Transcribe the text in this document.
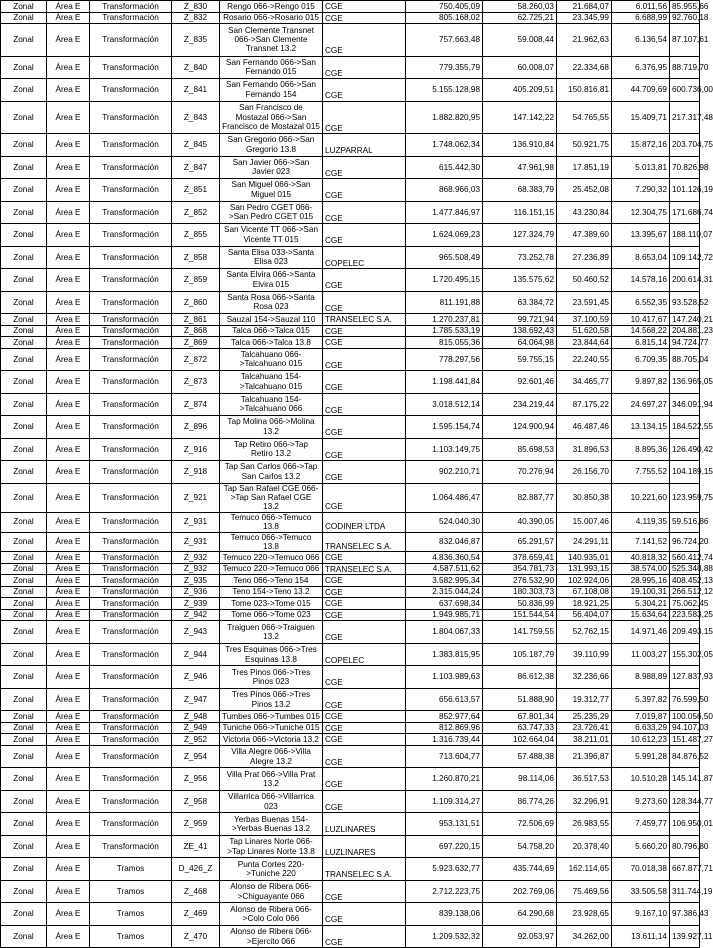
Zonal	Área E	Transformación	Z_830	Rengo 066->Rengo 015	CGE	750.405,09	58.260,03	21.684,07	6.011,56	85.955,66
Zonal	Área E	Transformación	Z_832	Rosario 066->Rosario 015	CGE	805.168,02	62.725,21	23.345,99	6.688,99	92.760,18
Zonal	Área E	Transformación	Z_835	San Clemente Transnet 066->San Clemente Transnet 13.2	CGE	757.663,48	59.008,44	21.962,63	6.136,54	87.107,61
Zonal	Área E	Transformación	Z_840	San Fernando 066->San Fernando 015	CGE	779.355,79	60.008,07	22.334,68	6.376,95	88.719,70
Zonal	Área E	Transformación	Z_841	San Fernando 066->San Fernando 154	CGE	5.155.128,98	405.209,51	150.816,81	44.709,69	600.736,00
Zonal	Área E	Transformación	Z_843	San Francisco de Mostazal 066->San Francisco de Mostazal 015	CGE	1.882.820,95	147.142,22	54.765,55	15.409,71	217.317,48
Zonal	Área E	Transformación	Z_845	San Gregorio 066->San Gregorio 13.8	LUZPARRAL	1.748.062,34	136.910,84	50.921,75	15.872,16	203.704,75
Zonal	Área E	Transformación	Z_847	San Javier 066->San Javier 023	CGE	615.442,30	47.961,98	17.851,19	5.013,81	70.826,98
Zonal	Área E	Transformación	Z_851	San Miguel 066->San Miguel 015	CGE	868.966,03	68.383,79	25.452,08	7.290,32	101.126,19
Zonal	Área E	Transformación	Z_852	San Pedro CGET 066->San Pedro CGET 015	CGE	1.477.846,97	116.151,15	43.230,84	12.304,75	171.686,74
Zonal	Área E	Transformación	Z_855	San Vicente TT 066->San Vicente TT 015	CGE	1.624.069,23	127.324,79	47.389,60	13.395,67	188.110,07
Zonal	Área E	Transformación	Z_858	Santa Elisa 033->Santa Elisa 023	COPELEC	965.508,49	73.252,78	27.236,89	8.653,04	109.142,72
Zonal	Área E	Transformación	Z_859	Santa Elvira 066->Santa Elvira 015	CGE	1.720.495,15	135.575,62	50.460,52	14.578,16	200.614,31
Zonal	Área E	Transformación	Z_860	Santa Rosa 066->Santa Rosa 023	CGE	811.191,88	63.384,72	23.591,45	6.552,35	93.528,52
Zonal	Área E	Transformación	Z_861	Sauzal 154->Sauzal 110	TRANSELEC S.A.	1.270.237,81	99.721,94	37.100,59	10.417,67	147.240,21
Zonal	Área E	Transformación	Z_868	Talca 066->Talca 015	CGE	1.785.533,19	138.692,43	51.620,58	14.568,22	204.881,23
Zonal	Área E	Transformación	Z_869	Talca 066->Talca 13.8	CGE	815.055,36	64.064,98	23.844,64	6.815,14	94.724,77
Zonal	Área E	Transformación	Z_872	Talcahuano 066->Talcahuano 015	CGE	778.297,56	59.755,15	22.240,55	6.709,35	88.705,04
Zonal	Área E	Transformación	Z_873	Talcahuano 154->Talcahuano 015	CGE	1.198.441,84	92.601,46	34.465,77	9.897,82	136.965,05
Zonal	Área E	Transformación	Z_874	Talcahuano 154->Talcahuano 066	CGE	3.018.512,14	234.219,44	87.175,22	24.697,27	346.091,94
Zonal	Área E	Transformación	Z_896	Tap Molina 066->Molina 13.2	CGE	1.595.154,74	124.900,94	46.487,46	13.134,15	184.522,55
Zonal	Área E	Transformación	Z_916	Tap Retiro 066->Tap Retiro 13.2	CGE	1.103.149,75	85.698,53	31.896,53	8.895,36	126.490,42
Zonal	Área E	Transformación	Z_918	Tap San Carlos 066->Tap San Carlos 13.2	CGE	902.210,71	70.276,94	26.156,70	7.755,52	104.189,15
Zonal	Área E	Transformación	Z_921	Tap San Rafael CGE 066->Tap San Rafael CGE 13.2	CGE	1.064.486,47	82.887,77	30.850,38	10.221,60	123.959,75
Zonal	Área E	Transformación	Z_931	Temuco 066->Temuco 13.8	CODINER LTDA	524.040,30	40.390,05	15.007,46	4.119,35	59.516,86
Zonal	Área E	Transformación	Z_931	Temuco 066->Temuco 13.8	TRANSELEC S.A.	832.046,87	65.291,57	24.291,11	7.141,52	96.724,20
Zonal	Área E	Transformación	Z_932	Temuco 220->Temuco 066	CGE	4.836.360,54	378.659,41	140.935,01	40.818,32	560.412,74
Zonal	Área E	Transformación	Z_932	Temuco 220->Temuco 066	TRANSELEC S.A.	4.587.511,62	354.781,73	131.993,15	38.574,00	525.348,88
Zonal	Área E	Transformación	Z_935	Teno 066->Teno 154	CGE	3.582.995,34	276.532,90	102.924,06	28.995,16	408.452,13
Zonal	Área E	Transformación	Z_936	Teno 154->Teno 13.2	CGE	2.315.044,24	180.303,73	67.108,08	19.100,31	266.512,12
Zonal	Área E	Transformación	Z_939	Tome 023->Tome 015	CGE	637.698,34	50.836,99	18.921,25	5.304,21	75.062,45
Zonal	Área E	Transformación	Z_942	Tome 066->Tome 023	CGE	1.949.985,71	151.544,54	56.404,07	15.634,64	223.583,25
Zonal	Área E	Transformación	Z_943	Traiguen 066->Traiguen 13.2	CGE	1.804.067,33	141.759,55	52.762,15	14.971,46	209.493,15
Zonal	Área E	Transformación	Z_944	Tres Esquinas 066->Tres Esquinas 13.8	COPELEC	1.383.815,95	105.187,79	39.110,99	11.003,27	155.302,05
Zonal	Área E	Transformación	Z_946	Tres Pinos 066->Tres Pinos 023	CGE	1.103.989,63	86.612,38	32.236,66	8.988,89	127.837,93
Zonal	Área E	Transformación	Z_947	Tres Pinos 066->Tres Pinos 13.2	CGE	656.613,57	51.888,90	19.312,77	5.397,82	76.599,50
Zonal	Área E	Transformación	Z_948	Tumbes 066->Tumbes 015	CGE	852.977,64	67.801,34	25.235,29	7.019,87	100.056,50
Zonal	Área E	Transformación	Z_949	Tuniche 066->Tuniche 015	CGE	812.869,96	63.747,33	23.726,41	6.633,29	94.107,03
Zonal	Área E	Transformación	Z_952	Victoria 066->Victoria 13.2	CGE	1.316.739,44	102.664,04	38.211,01	10.612,23	151.487,27
Zonal	Área E	Transformación	Z_954	Villa Alegre 066->Villa Alegre 13.2	CGE	713.604,77	57.488,38	21.396,87	5.991,28	84.876,52
Zonal	Área E	Transformación	Z_956	Villa Prat 066->Villa Prat 13.2	CGE	1.260.870,21	98.114,06	36.517,53	10.510,28	145.141,87
Zonal	Área E	Transformación	Z_958	Villarrica 066->Villarrica 023	CGE	1.109.314,27	86.774,26	32.296,91	9.273,60	128.344,77
Zonal	Área E	Transformación	Z_959	Yerbas Buenas 154->Yerbas Buenas 13.2	LUZLINARES	953.131,51	72.506,69	26.983,55	7.459,77	106.950,01
Zonal	Área E	Transformación	ZE_41	Tap Linares Norte 066->Tap Linares Norte 13.8	LUZLINARES	697.220,15	54.758,20	20.378,40	5.660,20	80.796,80
Zonal	Área E	Tramos	D_426_Z	Punta Cortes 220->Tuniche 220	TRANSELEC S.A.	5.923.632,77	435.744,69	162.114,65	70.018,38	667.877,71
Zonal	Área E	Tramos	Z_468	Alonso de Ribera 066->Chiguayante 066	CGE	2.712.223,75	202.769,06	75.469,56	33.505,58	311.744,19
Zonal	Área E	Tramos	Z_469	Alonso de Ribera 066->Colo Colo 066	CGE	839.138,06	64.290,68	23.928,65	9.167,10	97.386,43
Zonal	Área E	Tramos	Z_470	Alonso de Ribera 066->Ejercito 066	CGE	1.209.532,32	92.053,97	34.262,00	13.611,14	139.927,11
